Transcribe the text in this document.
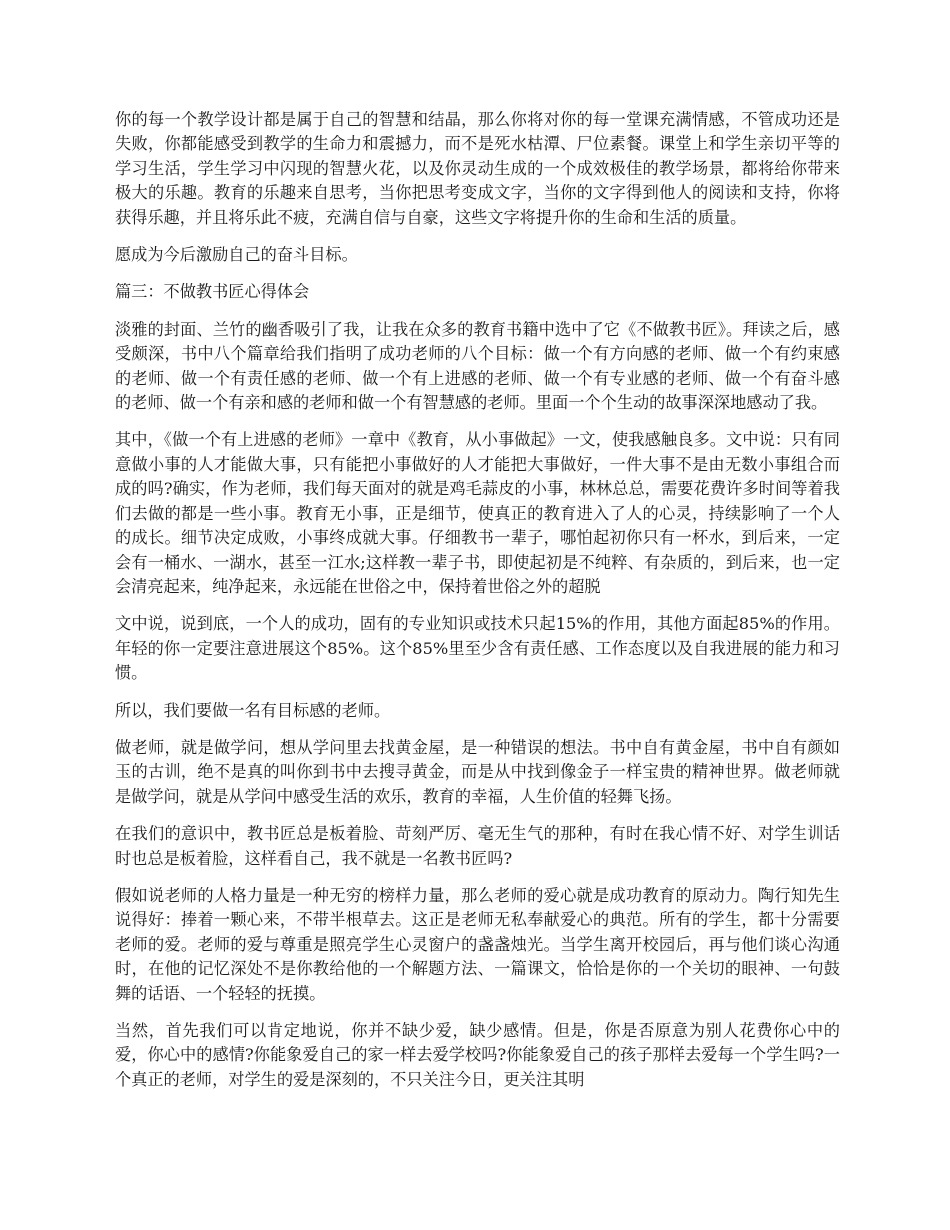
你的每一个教学设计都是属于自己的智慧和结晶，那么你将对你的每一堂课充满情感，不管成功还是失败，你都能感受到教学的生命力和震撼力，而不是死水枯潭、尸位素餐。课堂上和学生亲切平等的学习生活，学生学习中闪现的智慧火花，以及你灵动生成的一个成效极佳的教学场景，都将给你带来极大的乐趣。教育的乐趣来自思考，当你把思考变成文字，当你的文字得到他人的阅读和支持，你将获得乐趣，并且将乐此不疲，充满自信与自豪，这些文字将提升你的生命和生活的质量。

愿成为今后激励自己的奋斗目标。

篇三：不做教书匠心得体会

淡雅的封面、兰竹的幽香吸引了我，让我在众多的教育书籍中选中了它《不做教书匠》。拜读之后，感受颇深，书中八个篇章给我们指明了成功老师的八个目标：做一个有方向感的老师、做一个有约束感的老师、做一个有责任感的老师、做一个有上进感的老师、做一个有专业感的老师、做一个有奋斗感的老师、做一个有亲和感的老师和做一个有智慧感的老师。里面一个个生动的故事深深地感动了我。

其中，《做一个有上进感的老师》一章中《教育，从小事做起》一文，使我感触良多。文中说：只有同意做小事的人才能做大事，只有能把小事做好的人才能把大事做好，一件大事不是由无数小事组合而成的吗?确实，作为老师，我们每天面对的就是鸡毛蒜皮的小事，林林总总，需要花费许多时间等着我们去做的都是一些小事。教育无小事，正是细节，使真正的教育进入了人的心灵，持续影响了一个人的成长。细节决定成败，小事终成就大事。仔细教书一辈子，哪怕起初你只有一杯水，到后来，一定会有一桶水、一湖水，甚至一江水;这样教一辈子书，即使起初是不纯粹、有杂质的，到后来，也一定会清亮起来，纯净起来，永远能在世俗之中，保持着世俗之外的超脱

文中说，说到底，一个人的成功，固有的专业知识或技术只起15%的作用，其他方面起85%的作用。年轻的你一定要注意进展这个85%。这个85%里至少含有责任感、工作态度以及自我进展的能力和习惯。

所以，我们要做一名有目标感的老师。

做老师，就是做学问，想从学问里去找黄金屋，是一种错误的想法。书中自有黄金屋，书中自有颜如玉的古训，绝不是真的叫你到书中去搜寻黄金，而是从中找到像金子一样宝贵的精神世界。做老师就是做学问，就是从学问中感受生活的欢乐，教育的幸福，人生价值的轻舞飞扬。

在我们的意识中，教书匠总是板着脸、苛刻严厉、毫无生气的那种，有时在我心情不好、对学生训话时也总是板着脸，这样看自己，我不就是一名教书匠吗?

假如说老师的人格力量是一种无穷的榜样力量，那么老师的爱心就是成功教育的原动力。陶行知先生说得好：捧着一颗心来，不带半根草去。这正是老师无私奉献爱心的典范。所有的学生，都十分需要老师的爱。老师的爱与尊重是照亮学生心灵窗户的盏盏烛光。当学生离开校园后，再与他们谈心沟通时，在他的记忆深处不是你教给他的一个解题方法、一篇课文，恰恰是你的一个关切的眼神、一句鼓舞的话语、一个轻轻的抚摸。

当然，首先我们可以肯定地说，你并不缺少爱，缺少感情。但是，你是否原意为别人花费你心中的爱，你心中的感情?你能象爱自己的家一样去爱学校吗?你能象爱自己的孩子那样去爱每一个学生吗?一个真正的老师，对学生的爱是深刻的，不只关注今日，更关注其明
